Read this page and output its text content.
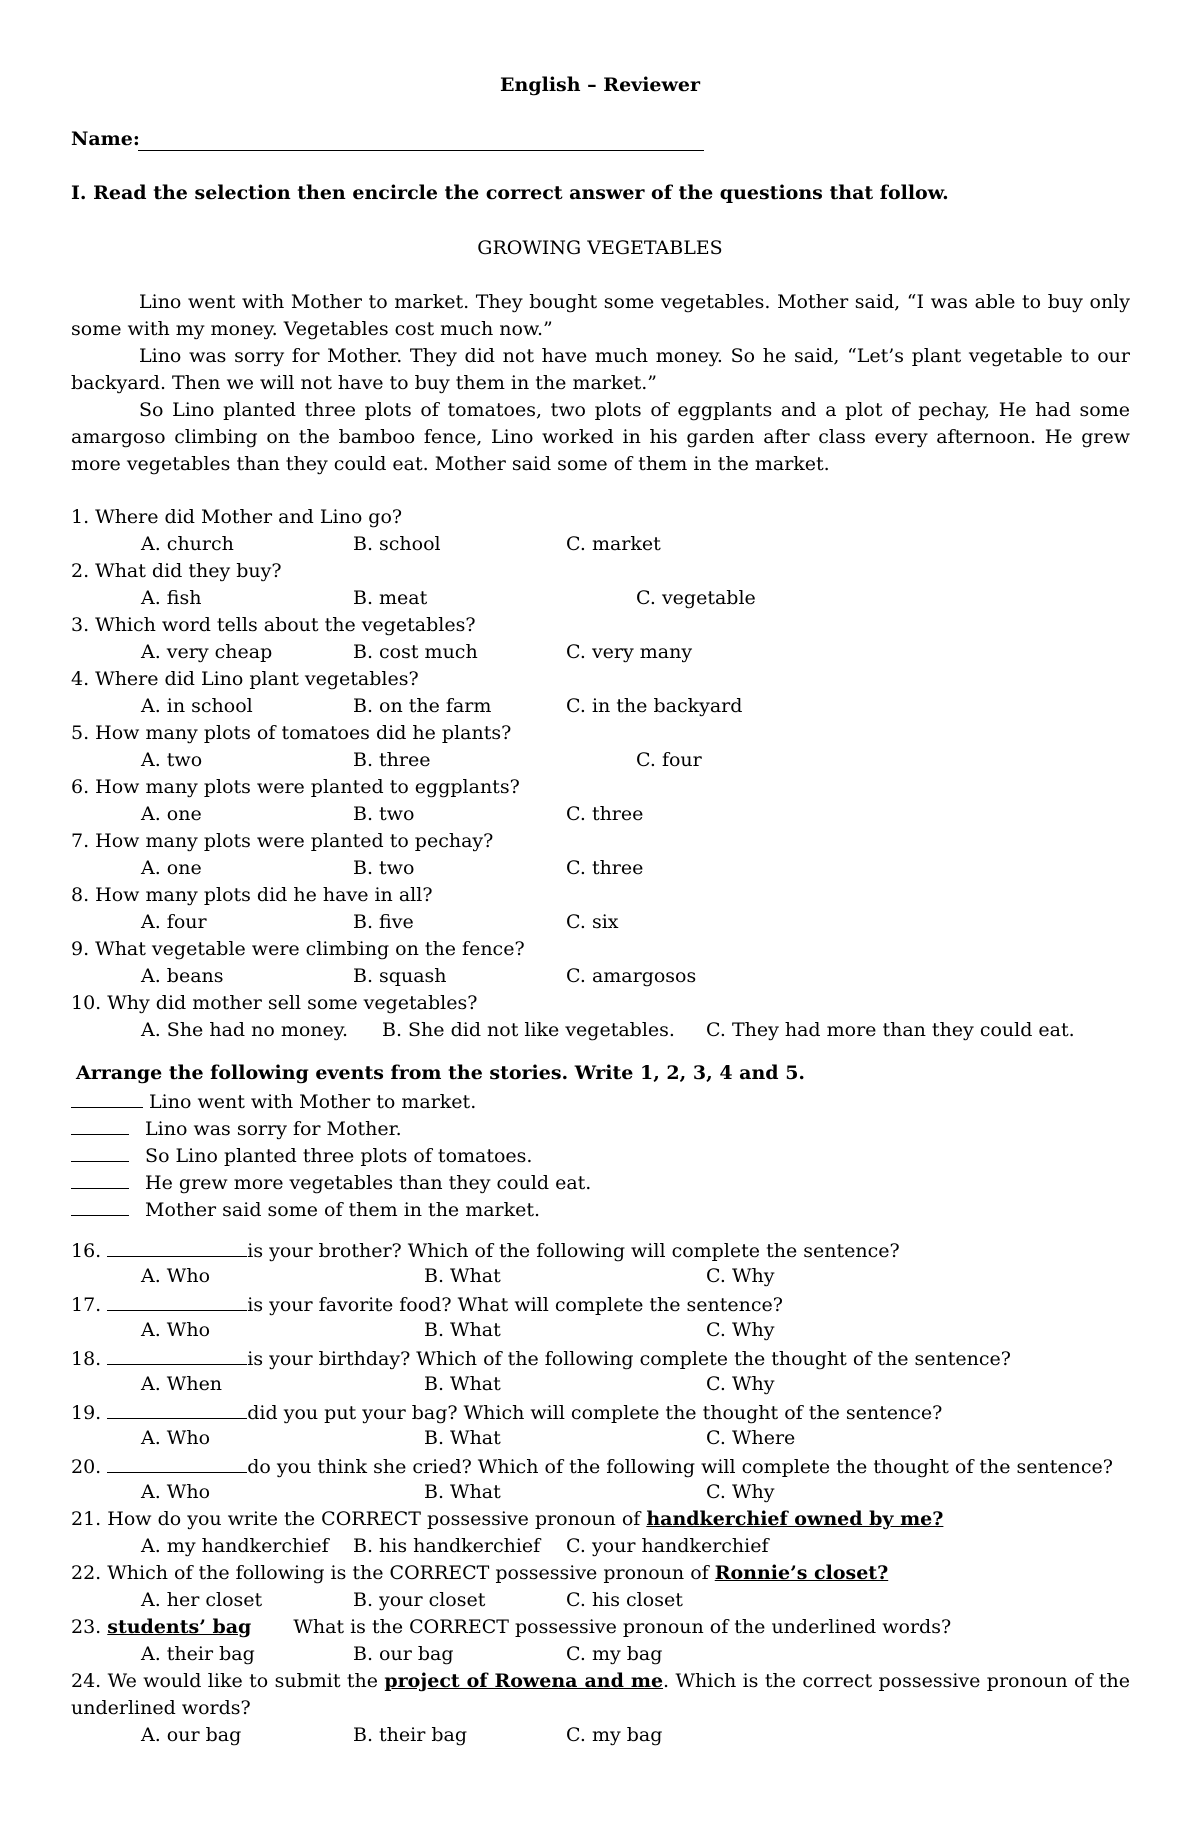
English – Reviewer
Name:
I. Read the selection then encircle the correct answer of the questions that follow.
GROWING VEGETABLES
Lino went with Mother to market. They bought some vegetables. Mother said, “I was able to buy only some with my money. Vegetables cost much now.”
Lino was sorry for Mother. They did not have much money. So he said, “Let’s plant vegetable to our backyard. Then we will not have to buy them in the market.”
So Lino planted three plots of tomatoes, two plots of eggplants and a plot of pechay, He had some amargoso climbing on the bamboo fence, Lino worked in his garden after class every afternoon. He grew more vegetables than they could eat. Mother said some of them in the market.
1. Where did Mother and Lino go?
A. church	B. school	C. market
2. What did they buy?
A. fish	B. meat	C. vegetable
3. Which word tells about the vegetables?
A. very cheap	B. cost much	C. very many
4. Where did Lino plant vegetables?
A. in school	B. on the farm	C. in the backyard
5. How many plots of tomatoes did he plants?
A. two	B. three	C. four
6. How many plots were planted to eggplants?
A. one	B. two	C. three
7. How many plots were planted to pechay?
A. one	B. two	C. three
8. How many plots did he have in all?
A. four	B. five	C. six
9. What vegetable were climbing on the fence?
A. beans	B. squash	C. amargosos
10. Why did mother sell some vegetables?
A. She had no money. B. She did not like vegetables. C. They had more than they could eat.
Arrange the following events from the stories. Write 1, 2, 3, 4 and 5.
Lino went with Mother to market.
Lino was sorry for Mother.
So Lino planted three plots of tomatoes.
He grew more vegetables than they could eat.
Mother said some of them in the market.
16.	is your brother? Which of the following will complete the sentence?
A. Who	B. What	C. Why
17.	is your favorite food? What will complete the sentence?
A. Who	B. What	C. Why
18.	is your birthday? Which of the following complete the thought of the sentence?
A. When	B. What	C. Why
19.	did you put your bag? Which will complete the thought of the sentence?
A. Who	B. What	C. Where
20.	do you think she cried? Which of the following will complete the thought of the sentence?
A. Who	B. What	C. Why
21. How do you write the CORRECT possessive pronoun of handkerchief owned by me?
A. my handkerchief B. his handkerchief C. your handkerchief
22. Which of the following is the CORRECT possessive pronoun of Ronnie’s closet?
A. her closet	B. your closet	C. his closet
23. students’ bag What is the CORRECT possessive pronoun of the underlined words?
A. their bag	B. our bag	C. my bag
24. We would like to submit the project of Rowena and me. Which is the correct possessive pronoun of the underlined words?
A. our bag	B. their bag	C. my bag
